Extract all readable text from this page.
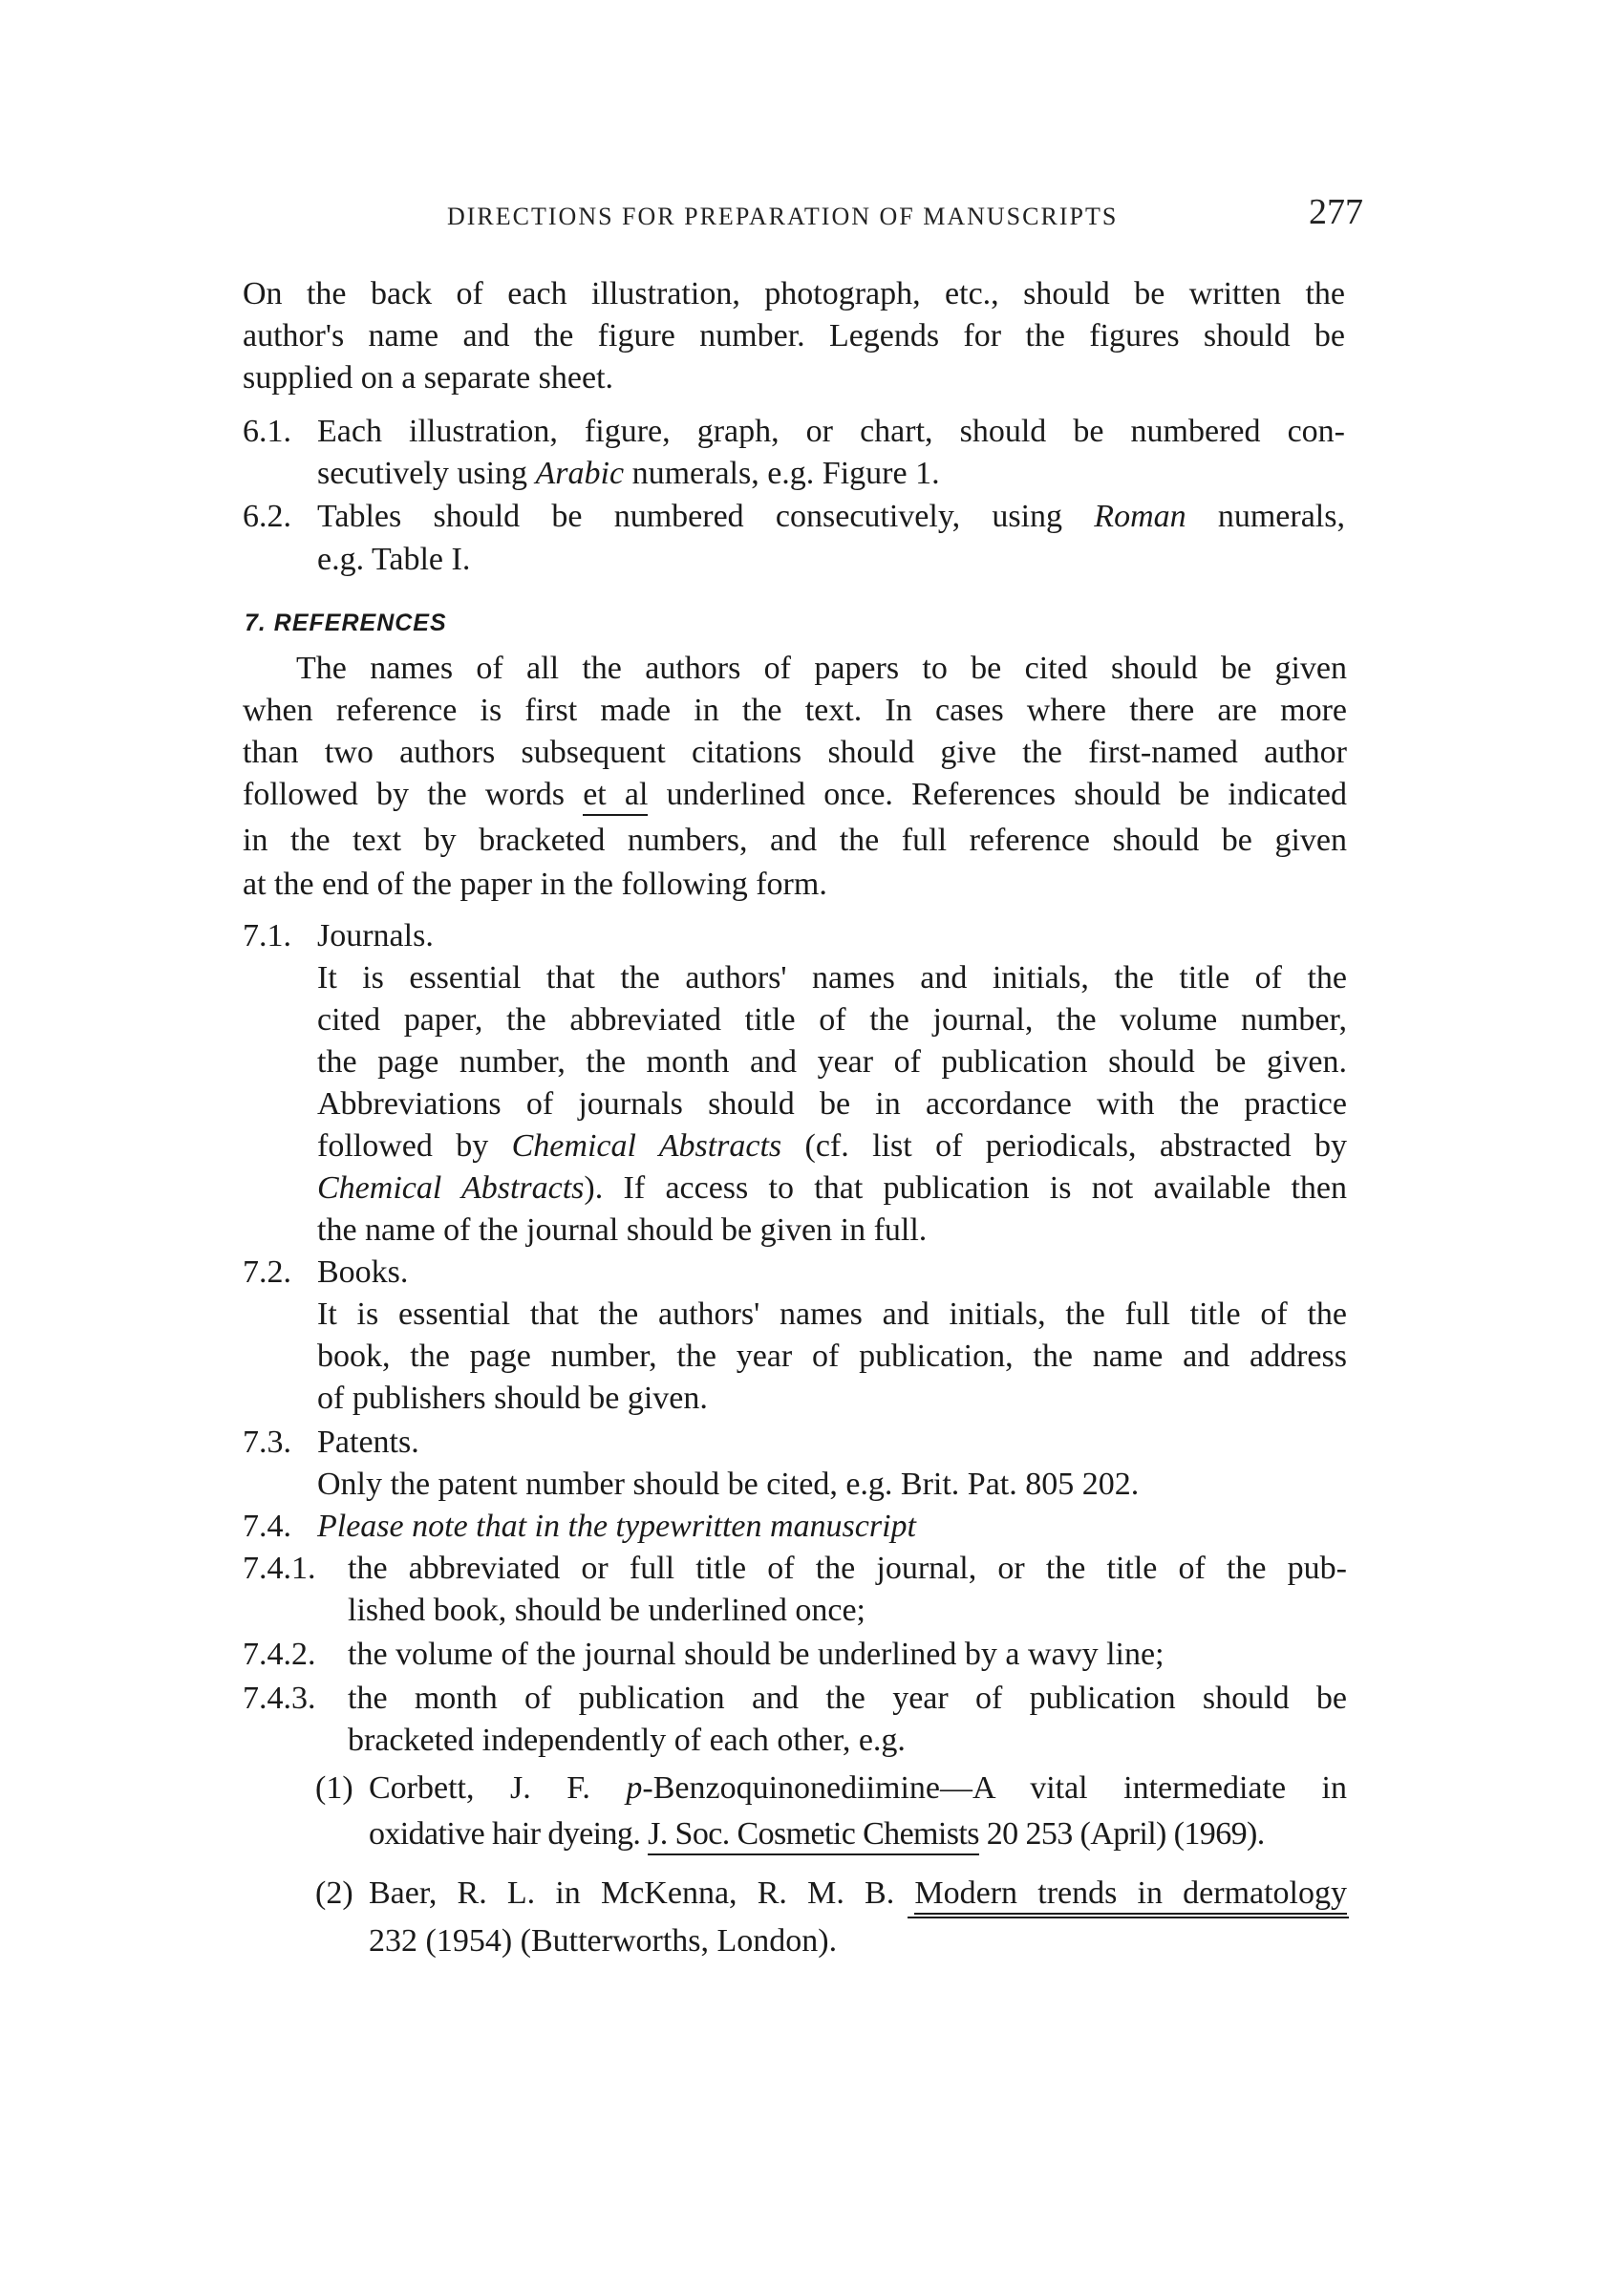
DIRECTIONS FOR PREPARATION OF MANUSCRIPTS	277
On the back of each illustration, photograph, etc., should be written the
author's name and the figure number. Legends for the figures should be
supplied on a separate sheet.
6.1. Each illustration, figure, graph, or chart, should be numbered con-
secutively using Arabic numerals, e.g. Figure 1.
6.2. Tables should be numbered consecutively, using Roman numerals,
e.g. Table I.
7. REFERENCES
The names of all the authors of papers to be cited should be given
when reference is first made in the text. In cases where there are more
than two authors subsequent citations should give the first-named author
followed by the words et al underlined once. References should be indicated
in the text by bracketed numbers, and the full reference should be given
at the end of the paper in the following form.
7.1. Journals.
It is essential that the authors' names and initials, the title of the
cited paper, the abbreviated title of the journal, the volume number,
the page number, the month and year of publication should be given.
Abbreviations of journals should be in accordance with the practice
followed by Chemical Abstracts (cf. list of periodicals, abstracted by
Chemical Abstracts). If access to that publication is not available then
the name of the journal should be given in full.
7.2. Books.
It is essential that the authors' names and initials, the full title of the
book, the page number, the year of publication, the name and address
of publishers should be given.
7.3. Patents.
Only the patent number should be cited, e.g. Brit. Pat. 805 202.
7.4. Please note that in the typewritten manuscript
7.4.1. the abbreviated or full title of the journal, or the title of the pub-
lished book, should be underlined once;
7.4.2. the volume of the journal should be underlined by a wavy line;
7.4.3. the month of publication and the year of publication should be
bracketed independently of each other, e.g.
(1) Corbett, J. F. p-Benzoquinonediimine—A vital intermediate in
oxidative hair dyeing. J. Soc. Cosmetic Chemists 20 253 (April) (1969).
(2) Baer, R. L. in McKenna, R. M. B. Modern trends in dermatology
232 (1954) (Butterworths, London).
